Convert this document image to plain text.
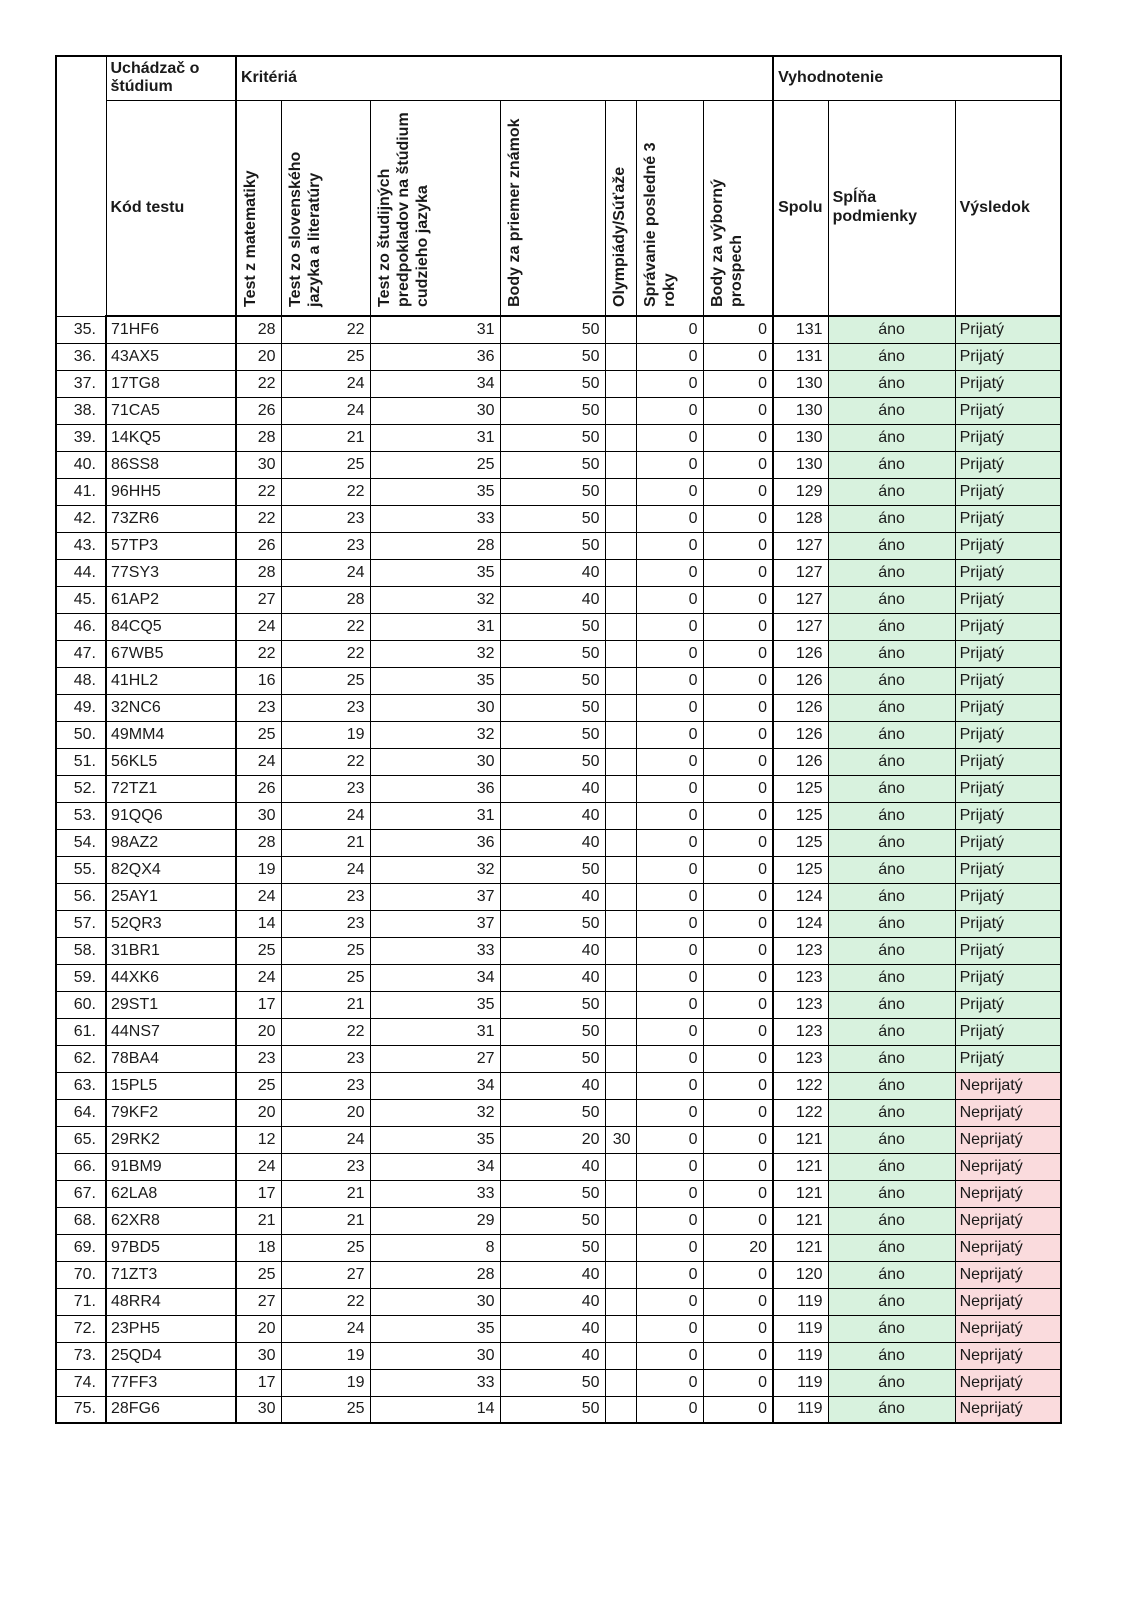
	Uchádzač o štúdium	Kritériá							Vyhodnotenie		
	Kód testu	Test z matematiky	Test zo slovenského jazyka a literatúry	Test zo študijných predpokladov na štúdium cudzieho jazyka	Body za priemer známok	Olympiády/Súťaže	Správanie posledné 3 roky	Body za výborný prospech	Spolu	Spĺňa podmienky	Výsledok
35.	71HF6	28	22	31	50		0	0	131	áno	Prijatý
36.	43AX5	20	25	36	50		0	0	131	áno	Prijatý
37.	17TG8	22	24	34	50		0	0	130	áno	Prijatý
38.	71CA5	26	24	30	50		0	0	130	áno	Prijatý
39.	14KQ5	28	21	31	50		0	0	130	áno	Prijatý
40.	86SS8	30	25	25	50		0	0	130	áno	Prijatý
41.	96HH5	22	22	35	50		0	0	129	áno	Prijatý
42.	73ZR6	22	23	33	50		0	0	128	áno	Prijatý
43.	57TP3	26	23	28	50		0	0	127	áno	Prijatý
44.	77SY3	28	24	35	40		0	0	127	áno	Prijatý
45.	61AP2	27	28	32	40		0	0	127	áno	Prijatý
46.	84CQ5	24	22	31	50		0	0	127	áno	Prijatý
47.	67WB5	22	22	32	50		0	0	126	áno	Prijatý
48.	41HL2	16	25	35	50		0	0	126	áno	Prijatý
49.	32NC6	23	23	30	50		0	0	126	áno	Prijatý
50.	49MM4	25	19	32	50		0	0	126	áno	Prijatý
51.	56KL5	24	22	30	50		0	0	126	áno	Prijatý
52.	72TZ1	26	23	36	40		0	0	125	áno	Prijatý
53.	91QQ6	30	24	31	40		0	0	125	áno	Prijatý
54.	98AZ2	28	21	36	40		0	0	125	áno	Prijatý
55.	82QX4	19	24	32	50		0	0	125	áno	Prijatý
56.	25AY1	24	23	37	40		0	0	124	áno	Prijatý
57.	52QR3	14	23	37	50		0	0	124	áno	Prijatý
58.	31BR1	25	25	33	40		0	0	123	áno	Prijatý
59.	44XK6	24	25	34	40		0	0	123	áno	Prijatý
60.	29ST1	17	21	35	50		0	0	123	áno	Prijatý
61.	44NS7	20	22	31	50		0	0	123	áno	Prijatý
62.	78BA4	23	23	27	50		0	0	123	áno	Prijatý
63.	15PL5	25	23	34	40		0	0	122	áno	Neprijatý
64.	79KF2	20	20	32	50		0	0	122	áno	Neprijatý
65.	29RK2	12	24	35	20	30	0	0	121	áno	Neprijatý
66.	91BM9	24	23	34	40		0	0	121	áno	Neprijatý
67.	62LA8	17	21	33	50		0	0	121	áno	Neprijatý
68.	62XR8	21	21	29	50		0	0	121	áno	Neprijatý
69.	97BD5	18	25	8	50		0	20	121	áno	Neprijatý
70.	71ZT3	25	27	28	40		0	0	120	áno	Neprijatý
71.	48RR4	27	22	30	40		0	0	119	áno	Neprijatý
72.	23PH5	20	24	35	40		0	0	119	áno	Neprijatý
73.	25QD4	30	19	30	40		0	0	119	áno	Neprijatý
74.	77FF3	17	19	33	50		0	0	119	áno	Neprijatý
75.	28FG6	30	25	14	50		0	0	119	áno	Neprijatý
